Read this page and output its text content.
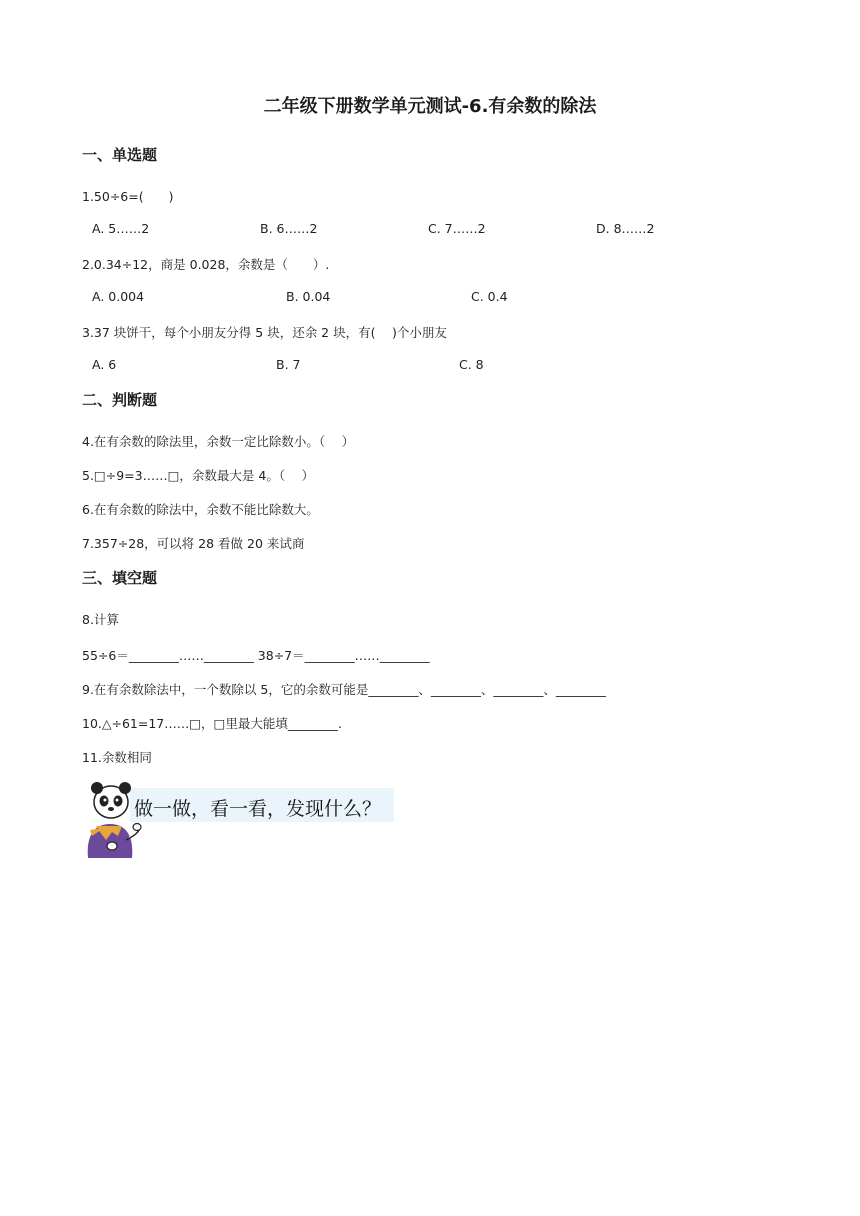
二年级下册数学单元测试-6.有余数的除法
一、单选题
1.50÷6=(　　)
A. 5……2	B. 6……2	C. 7……2	D. 8……2
2.0.34÷12，商是 0.028，余数是（　　）.
A. 0.004	B. 0.04	C. 0.4
3.37 块饼干，每个小朋友分得 5 块，还余 2 块，有(　 )个小朋友
A. 6	B. 7	C. 8
二、判断题
4.在有余数的除法里，余数一定比除数小。（　 ）
5.□÷9=3……□，余数最大是 4。（　 ）
6.在有余数的除法中，余数不能比除数大。
7.357÷28，可以将 28 看做 20 来试商
三、填空题
8.计算
55÷6＝________……________ 38÷7＝________……________
9.在有余数除法中，一个数除以 5，它的余数可能是________、________、________、________
10.△÷61=17……□，□里最大能填________.
11.余数相同
做一做，看一看，发现什么？
